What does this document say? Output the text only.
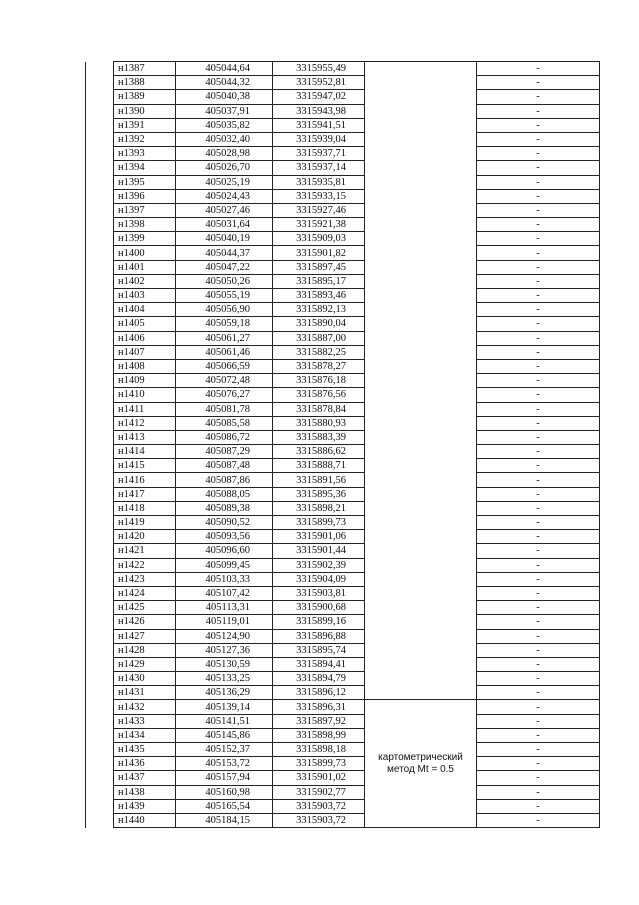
	н1387	405044,64	3315955,49		-
	н1388	405044,32	3315952,81		-
	н1389	405040,38	3315947,02		-
	н1390	405037,91	3315943,98		-
	н1391	405035,82	3315941,51		-
	н1392	405032,40	3315939,04		-
	н1393	405028,98	3315937,71		-
	н1394	405026,70	3315937,14		-
	н1395	405025,19	3315935,81		-
	н1396	405024,43	3315933,15		-
	н1397	405027,46	3315927,46		-
	н1398	405031,64	3315921,38		-
	н1399	405040,19	3315909,03		-
	н1400	405044,37	3315901,82		-
	н1401	405047,22	3315897,45		-
	н1402	405050,26	3315895,17		-
	н1403	405055,19	3315893,46		-
	н1404	405056,90	3315892,13		-
	н1405	405059,18	3315890,04		-
	н1406	405061,27	3315887,00		-
	н1407	405061,46	3315882,25		-
	н1408	405066,59	3315878,27		-
	н1409	405072,48	3315876,18		-
	н1410	405076,27	3315876,56		-
	н1411	405081,78	3315878,84		-
	н1412	405085,58	3315880,93		-
	н1413	405086,72	3315883,39		-
	н1414	405087,29	3315886,62		-
	н1415	405087,48	3315888,71		-
	н1416	405087,86	3315891,56		-
	н1417	405088,05	3315895,36		-
	н1418	405089,38	3315898,21		-
	н1419	405090,52	3315899,73		-
	н1420	405093,56	3315901,06		-
	н1421	405096,60	3315901,44		-
	н1422	405099,45	3315902,39		-
	н1423	405103,33	3315904,09		-
	н1424	405107,42	3315903,81		-
	н1425	405113,31	3315900,68		-
	н1426	405119,01	3315899,16		-
	н1427	405124,90	3315896,88		-
	н1428	405127,36	3315895,74		-
	н1429	405130,59	3315894,41		-
	н1430	405133,25	3315894,79		-
	н1431	405136,29	3315896,12		-
	н1432	405139,14	3315896,31	картометрический
метод Mt = 0.5	-
	н1433	405141,51	3315897,92		-
	н1434	405145,86	3315898,99		-
	н1435	405152,37	3315898,18		-
	н1436	405153,72	3315899,73		-
	н1437	405157,94	3315901,02		-
	н1438	405160,98	3315902,77		-
	н1439	405165,54	3315903,72		-
	н1440	405184,15	3315903,72		-
